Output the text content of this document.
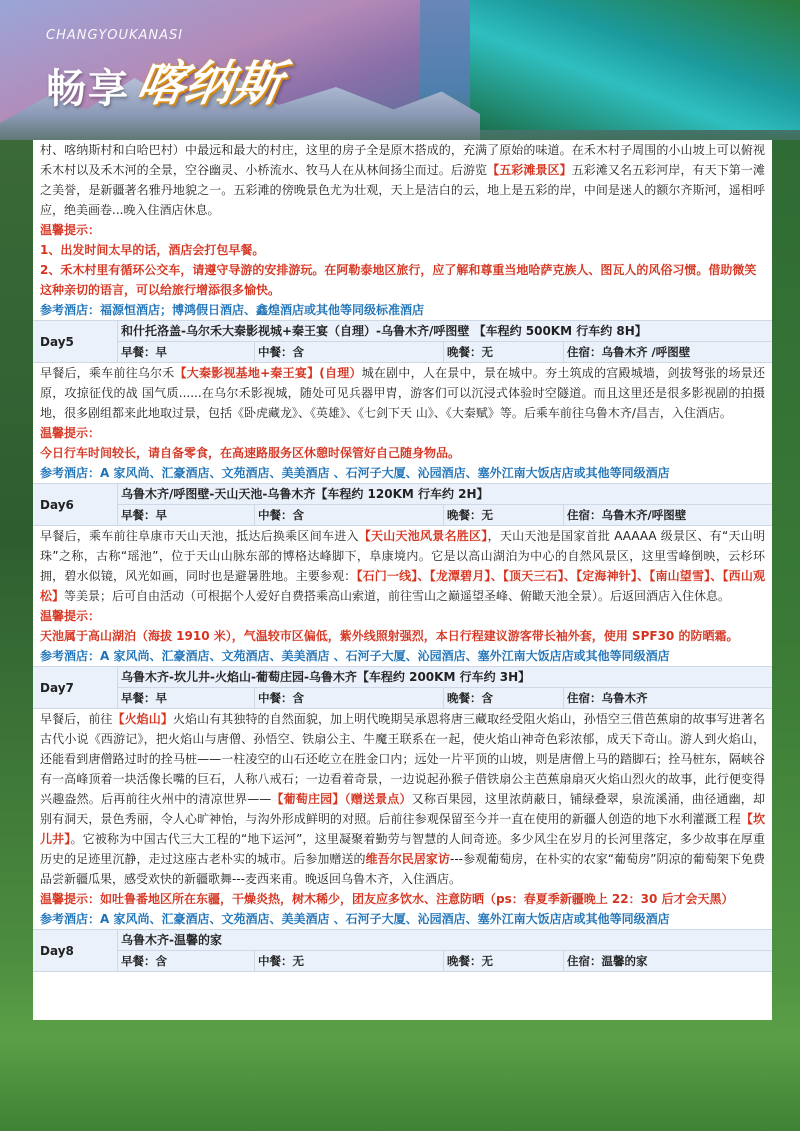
CHANGYOUKANASI
畅享 喀纳斯

村、喀纳斯村和白哈巴村）中最远和最大的村庄，这里的房子全是原木搭成的，充满了原始的味道。在禾木村子周围的小山坡上可以俯视禾木村以及禾木河的全景，空谷幽灵、小桥流水、牧马人在从林间扬尘而过。后游览【五彩滩景区】五彩滩又名五彩河岸，有天下第一滩之美誉，是新疆著名雅丹地貌之一。五彩滩的傍晚景色尤为壮观，天上是洁白的云，地上是五彩的岸，中间是迷人的额尔齐斯河，遥相呼应，绝美画卷...晚入住酒店休息。

温馨提示：
1、出发时间太早的话，酒店会打包早餐。
2、禾木村里有循环公交车，请遵守导游的安排游玩。在阿勒泰地区旅行，应了解和尊重当地哈萨克族人、图瓦人的风俗习惯。借助微笑这种亲切的语言，可以给旅行增添很多愉快。
参考酒店：福源恒酒店；博鸿假日酒店、鑫煌酒店或其他等同级标准酒店
Day5
和什托洛盖-乌尔禾大秦影视城+秦王宴（自理）-乌鲁木齐/呼图壁 【车程约 500KM 行车约 8H】
早餐：早	中餐：含	晚餐：无	住宿：乌鲁木齐 /呼图壁

早餐后，乘车前往乌尔禾【大秦影视基地+秦王宴】(自理）城在剧中，人在景中，景在城中。夯土筑成的宫殿城墙，剑拔弩张的场景还原，攻掠征伐的战 国气质......在乌尔禾影视城，随处可见兵器甲胄，游客们可以沉浸式体验时空隧道。而且这里还是很多影视剧的拍摄地，很多剧组都来此地取过景，包括《卧虎藏龙》、《英雄》、《七剑下天 山》、《大秦赋》等。后乘车前往乌鲁木齐/昌吉，入住酒店。

温馨提示：
今日行车时间较长，请自备零食，在高速路服务区休憩时保管好自己随身物品。
参考酒店：A 家风尚、汇豪酒店、文苑酒店、美美酒店 、石河子大厦、沁园酒店、塞外江南大饭店店或其他等同级酒店
Day6
乌鲁木齐/呼图壁-天山天池-乌鲁木齐【车程约 120KM 行车约 2H】
早餐：早	中餐：含	晚餐：无	住宿：乌鲁木齐/呼图壁

早餐后，乘车前往阜康市天山天池，抵达后换乘区间车进入【天山天池风景名胜区】，天山天池是国家首批 AAAAA 级景区、有“天山明珠”之称，古称“瑶池”，位于天山山脉东部的博格达峰脚下，阜康境内。它是以高山湖泊为中心的自然风景区，这里雪峰倒映，云杉环拥，碧水似镜，风光如画，同时也是避暑胜地。主要参观：【石门一线】、【龙潭碧月】、【顶天三石】、【定海神针】、【南山望雪】、【西山观松】等美景；后可自由活动（可根据个人爱好自费搭乘高山索道，前往雪山之巅遥望圣峰、俯瞰天池全景）。后返回酒店入住休息。

温馨提示：
天池属于高山湖泊（海拔 1910 米），气温较市区偏低，紫外线照射强烈，本日行程建议游客带长袖外套，使用 SPF30 的防晒霜。
参考酒店：A 家风尚、汇豪酒店、文苑酒店、美美酒店 、石河子大厦、沁园酒店、塞外江南大饭店店或其他等同级酒店
Day7
乌鲁木齐-坎儿井-火焰山-葡萄庄园-乌鲁木齐【车程约 200KM 行车约 3H】
早餐：早	中餐：含	晚餐：含	住宿：乌鲁木齐

早餐后，前往【火焰山】火焰山有其独特的自然面貌，加上明代晚期吴承恩将唐三藏取经受阻火焰山，孙悟空三借芭蕉扇的故事写进著名古代小说《西游记》，把火焰山与唐僧、孙悟空、铁扇公主、牛魔王联系在一起，使火焰山神奇色彩浓郁，成天下奇山。游人到火焰山，还能看到唐僧路过时的拴马桩——一柱凌空的山石还屹立在胜金口内；远处一片平顶的山坡，则是唐僧上马的踏脚石；拴马桩东，隔峡谷有一高峰顶着一块活像长嘴的巨石，人称八戒石；一边看着奇景，一边说起孙猴子借铁扇公主芭蕉扇扇灭火焰山烈火的故事，此行便变得兴趣盎然。后再前往火州中的清凉世界——【葡萄庄园】（赠送景点）又称百果园，这里浓荫蔽日，铺绿叠翠，泉流溪涌，曲径通幽，却别有洞天，景色秀丽，令人心旷神怡，与沟外形成鲜明的对照。后前往参观保留至今并一直在使用的新疆人创造的地下水利灌溉工程【坎儿井】。它被称为中国古代三大工程的“地下运河”，这里凝聚着勤劳与智慧的人间奇迹。多少风尘在岁月的长河里落定，多少故事在厚重历史的足迹里沉静，走过这座古老朴实的城市。后参加赠送的维吾尔民居家访---参观葡萄房，在朴实的农家“葡萄房”阴凉的葡萄架下免费品尝新疆瓜果，感受欢快的新疆歌舞---麦西来甫。晚返回乌鲁木齐，入住酒店。

温馨提示：如吐鲁番地区所在东疆，干燥炎热，树木稀少，团友应多饮水、注意防晒（ps：春夏季新疆晚上 22：30 后才会天黑）
参考酒店：A 家风尚、汇豪酒店、文苑酒店、美美酒店 、石河子大厦、沁园酒店、塞外江南大饭店店或其他等同级酒店
Day8
乌鲁木齐-温馨的家
早餐：含	中餐：无	晚餐：无	住宿：温馨的家
